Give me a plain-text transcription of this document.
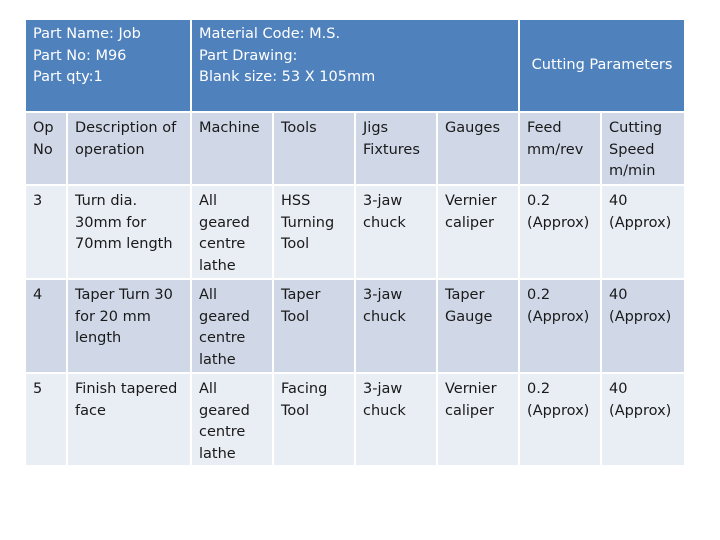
Part Name: Job
Part No: M96
Part qty:1		Material Code: M.S.
Part Drawing:
Blank size: 53 X 105mm				Cutting Parameters	
Op No	Description of operation	Machine	Tools	Jigs Fixtures	Gauges	Feed mm/rev	Cutting Speed m/min
3	Turn dia. 30mm for 70mm length	All geared centre lathe	HSS Turning Tool	3-jaw chuck	Vernier caliper	0.2 (Approx)	40 (Approx)
4	Taper Turn 30 for 20 mm length	All geared centre lathe	Taper Tool	3-jaw chuck	Taper Gauge	0.2 (Approx)	40 (Approx)
5	Finish tapered face	All geared centre lathe	Facing Tool	3-jaw chuck	Vernier caliper	0.2 (Approx)	40 (Approx)
